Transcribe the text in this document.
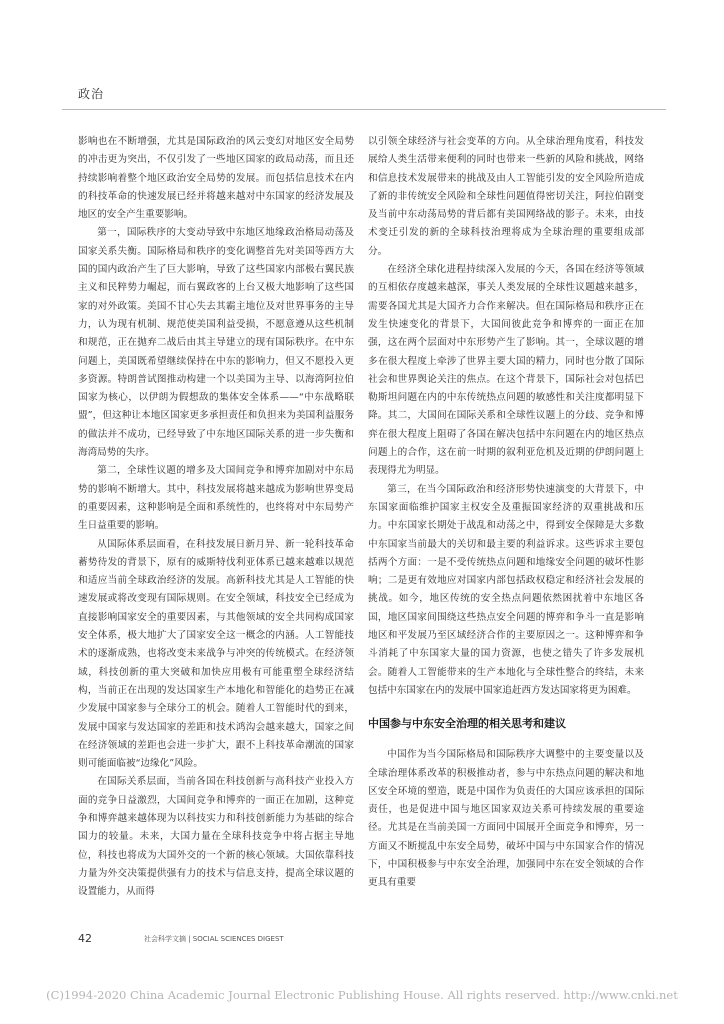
政治

影响也在不断增强，尤其是国际政治的风云变幻对地区安全局势的冲击更为突出，不仅引发了一些地区国家的政局动荡，而且还持续影响着整个地区政治安全局势的发展。而包括信息技术在内的科技革命的快速发展已经并将越来越对中东国家的经济发展及地区的安全产生重要影响。

第一，国际秩序的大变动导致中东地区地缘政治格局动荡及国家关系失衡。国际格局和秩序的变化调整首先对美国等西方大国的国内政治产生了巨大影响，导致了这些国家内部极右翼民族主义和民粹势力崛起，而右翼政客的上台又极大地影响了这些国家的对外政策。美国不甘心失去其霸主地位及对世界事务的主导力，认为现有机制、规范使美国利益受损，不愿意遵从这些机制和规范，正在抛弃二战后由其主导建立的现有国际秩序。在中东问题上，美国既希望继续保持在中东的影响力，但又不愿投入更多资源。特朗普试图推动构建一个以美国为主导、以海湾阿拉伯国家为核心，以伊朗为假想敌的集体安全体系——“中东战略联盟”，但这种让本地区国家更多承担责任和负担来为美国利益服务的做法并不成功，已经导致了中东地区国际关系的进一步失衡和海湾局势的失序。

第二，全球性议题的增多及大国间竞争和博弈加剧对中东局势的影响不断增大。其中，科技发展将越来越成为影响世界变局的重要因素，这种影响是全面和系统性的，也终将对中东局势产生日益重要的影响。

从国际体系层面看，在科技发展日新月异、新一轮科技革命蓄势待发的背景下，原有的威斯特伐利亚体系已越来越难以规范和适应当前全球政治经济的发展。高新科技尤其是人工智能的快速发展或将改变现有国际规则。在安全领域，科技安全已经成为直接影响国家安全的重要因素，与其他领域的安全共同构成国家安全体系，极大地扩大了国家安全这一概念的内涵。人工智能技术的逐渐成熟，也将改变未来战争与冲突的传统模式。在经济领域，科技创新的重大突破和加快应用极有可能重塑全球经济结构，当前正在出现的发达国家生产本地化和智能化的趋势正在减少发展中国家参与全球分工的机会。随着人工智能时代的到来，发展中国家与发达国家的差距和技术鸿沟会越来越大，国家之间在经济领域的差距也会进一步扩大，跟不上科技革命潮流的国家则可能面临被“边缘化”风险。

在国际关系层面，当前各国在科技创新与高科技产业投入方面的竞争日益激烈，大国间竞争和博弈的一面正在加剧，这种竞争和博弈越来越体现为以科技实力和科技创新能力为基础的综合国力的较量。未来，大国力量在全球科技竞争中将占据主导地位，科技也将成为大国外交的一个新的核心领域。大国依靠科技力量为外交决策提供强有力的技术与信息支持，提高全球议题的设置能力，从而得

以引领全球经济与社会变革的方向。从全球治理角度看，科技发展给人类生活带来便利的同时也带来一些新的风险和挑战，网络和信息技术发展带来的挑战及由人工智能引发的安全风险所造成了新的非传统安全风险和全球性问题值得密切关注，阿拉伯剧变及当前中东动荡局势的背后都有美国网络战的影子。未来，由技术变迁引发的新的全球科技治理将成为全球治理的重要组成部分。

在经济全球化进程持续深入发展的今天，各国在经济等领域的互相依存度越来越深，事关人类发展的全球性议题越来越多，需要各国尤其是大国齐力合作来解决。但在国际格局和秩序正在发生快速变化的背景下，大国间彼此竞争和博弈的一面正在加强，这在两个层面对中东形势产生了影响。其一，全球议题的增多在很大程度上牵涉了世界主要大国的精力，同时也分散了国际社会和世界舆论关注的焦点。在这个背景下，国际社会对包括巴勒斯坦问题在内的中东传统热点问题的敏感性和关注度都明显下降。其二，大国间在国际关系和全球性议题上的分歧、竞争和博弈在很大程度上阻碍了各国在解决包括中东问题在内的地区热点问题上的合作，这在前一时期的叙利亚危机及近期的伊朗问题上表现得尤为明显。

第三，在当今国际政治和经济形势快速演变的大背景下，中东国家面临维护国家主权安全及重振国家经济的双重挑战和压力。中东国家长期处于战乱和动荡之中，得到安全保障是大多数中东国家当前最大的关切和最主要的利益诉求。这些诉求主要包括两个方面：一是不受传统热点问题和地缘安全问题的破坏性影响；二是更有效地应对国家内部包括政权稳定和经济社会发展的挑战。如今，地区传统的安全热点问题依然困扰着中东地区各国，地区国家间围绕这些热点安全问题的博弈和争斗一直是影响地区和平发展乃至区域经济合作的主要原因之一。这种博弈和争斗消耗了中东国家大量的国力资源，也使之错失了许多发展机会。随着人工智能带来的生产本地化与全球性整合的终结，未来包括中东国家在内的发展中国家追赶西方发达国家将更为困难。

中国参与中东安全治理的相关思考和建议

中国作为当今国际格局和国际秩序大调整中的主要变量以及全球治理体系改革的积极推动者，参与中东热点问题的解决和地区安全环境的塑造，既是中国作为负责任的大国应该承担的国际责任，也是促进中国与地区国家双边关系可持续发展的重要途径。尤其是在当前美国一方面同中国展开全面竞争和博弈，另一方面又不断搅乱中东安全局势，破坏中国与中东国家合作的情况下，中国积极参与中东安全治理，加强同中东在安全领域的合作更具有重要

42	社会科学文摘 | SOCIAL SCIENCES DIGEST
(C)1994-2020 China Academic Journal Electronic Publishing House. All rights reserved. http://www.cnki.net
